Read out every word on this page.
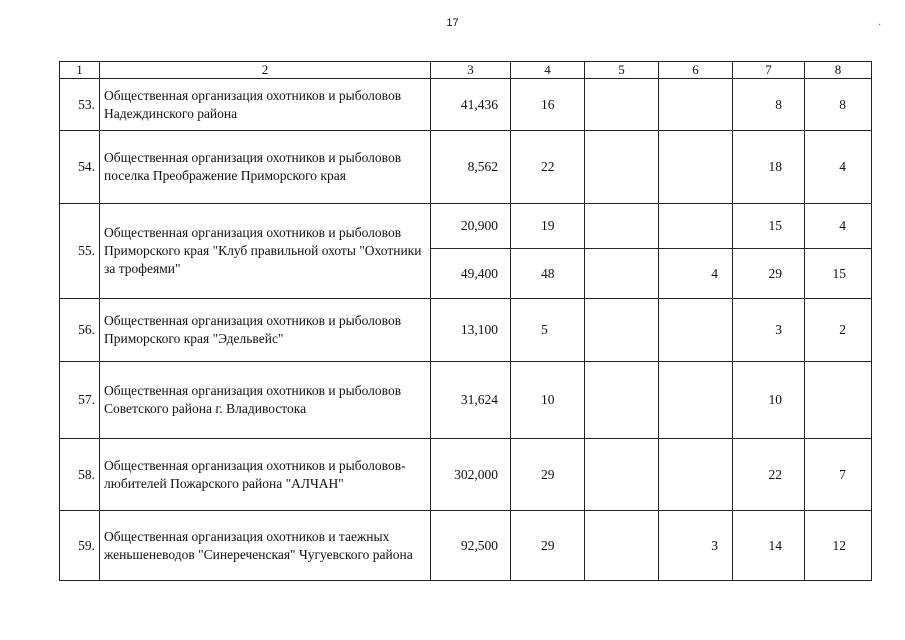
17	·
1	2	3	4	5	6	7	8
53.	Общественная организация охотников и рыболовов Надеждинского района	41,436	16			8	8
54.	Общественная организация охотников и рыболовов поселка Преображение Приморского края	8,562	22			18	4
55.	Общественная организация охотников и рыболовов Приморского края "Клуб правильной охоты "Охотники за трофеями"	20,900	19			15	4
		49,400	48		4	29	15
56.	Общественная организация охотников и рыболовов Приморского края "Эдельвейс"	13,100	5			3	2
57.	Общественная организация охотников и рыболовов Советского района г. Владивостока	31,624	10			10	
58.	Общественная организация охотников и рыболовов-любителей Пожарского района "АЛЧАН"	302,000	29			22	7
59.	Общественная организация охотников и таежных женьшеневодов "Синереченская" Чугуевского района	92,500	29		3	14	12
